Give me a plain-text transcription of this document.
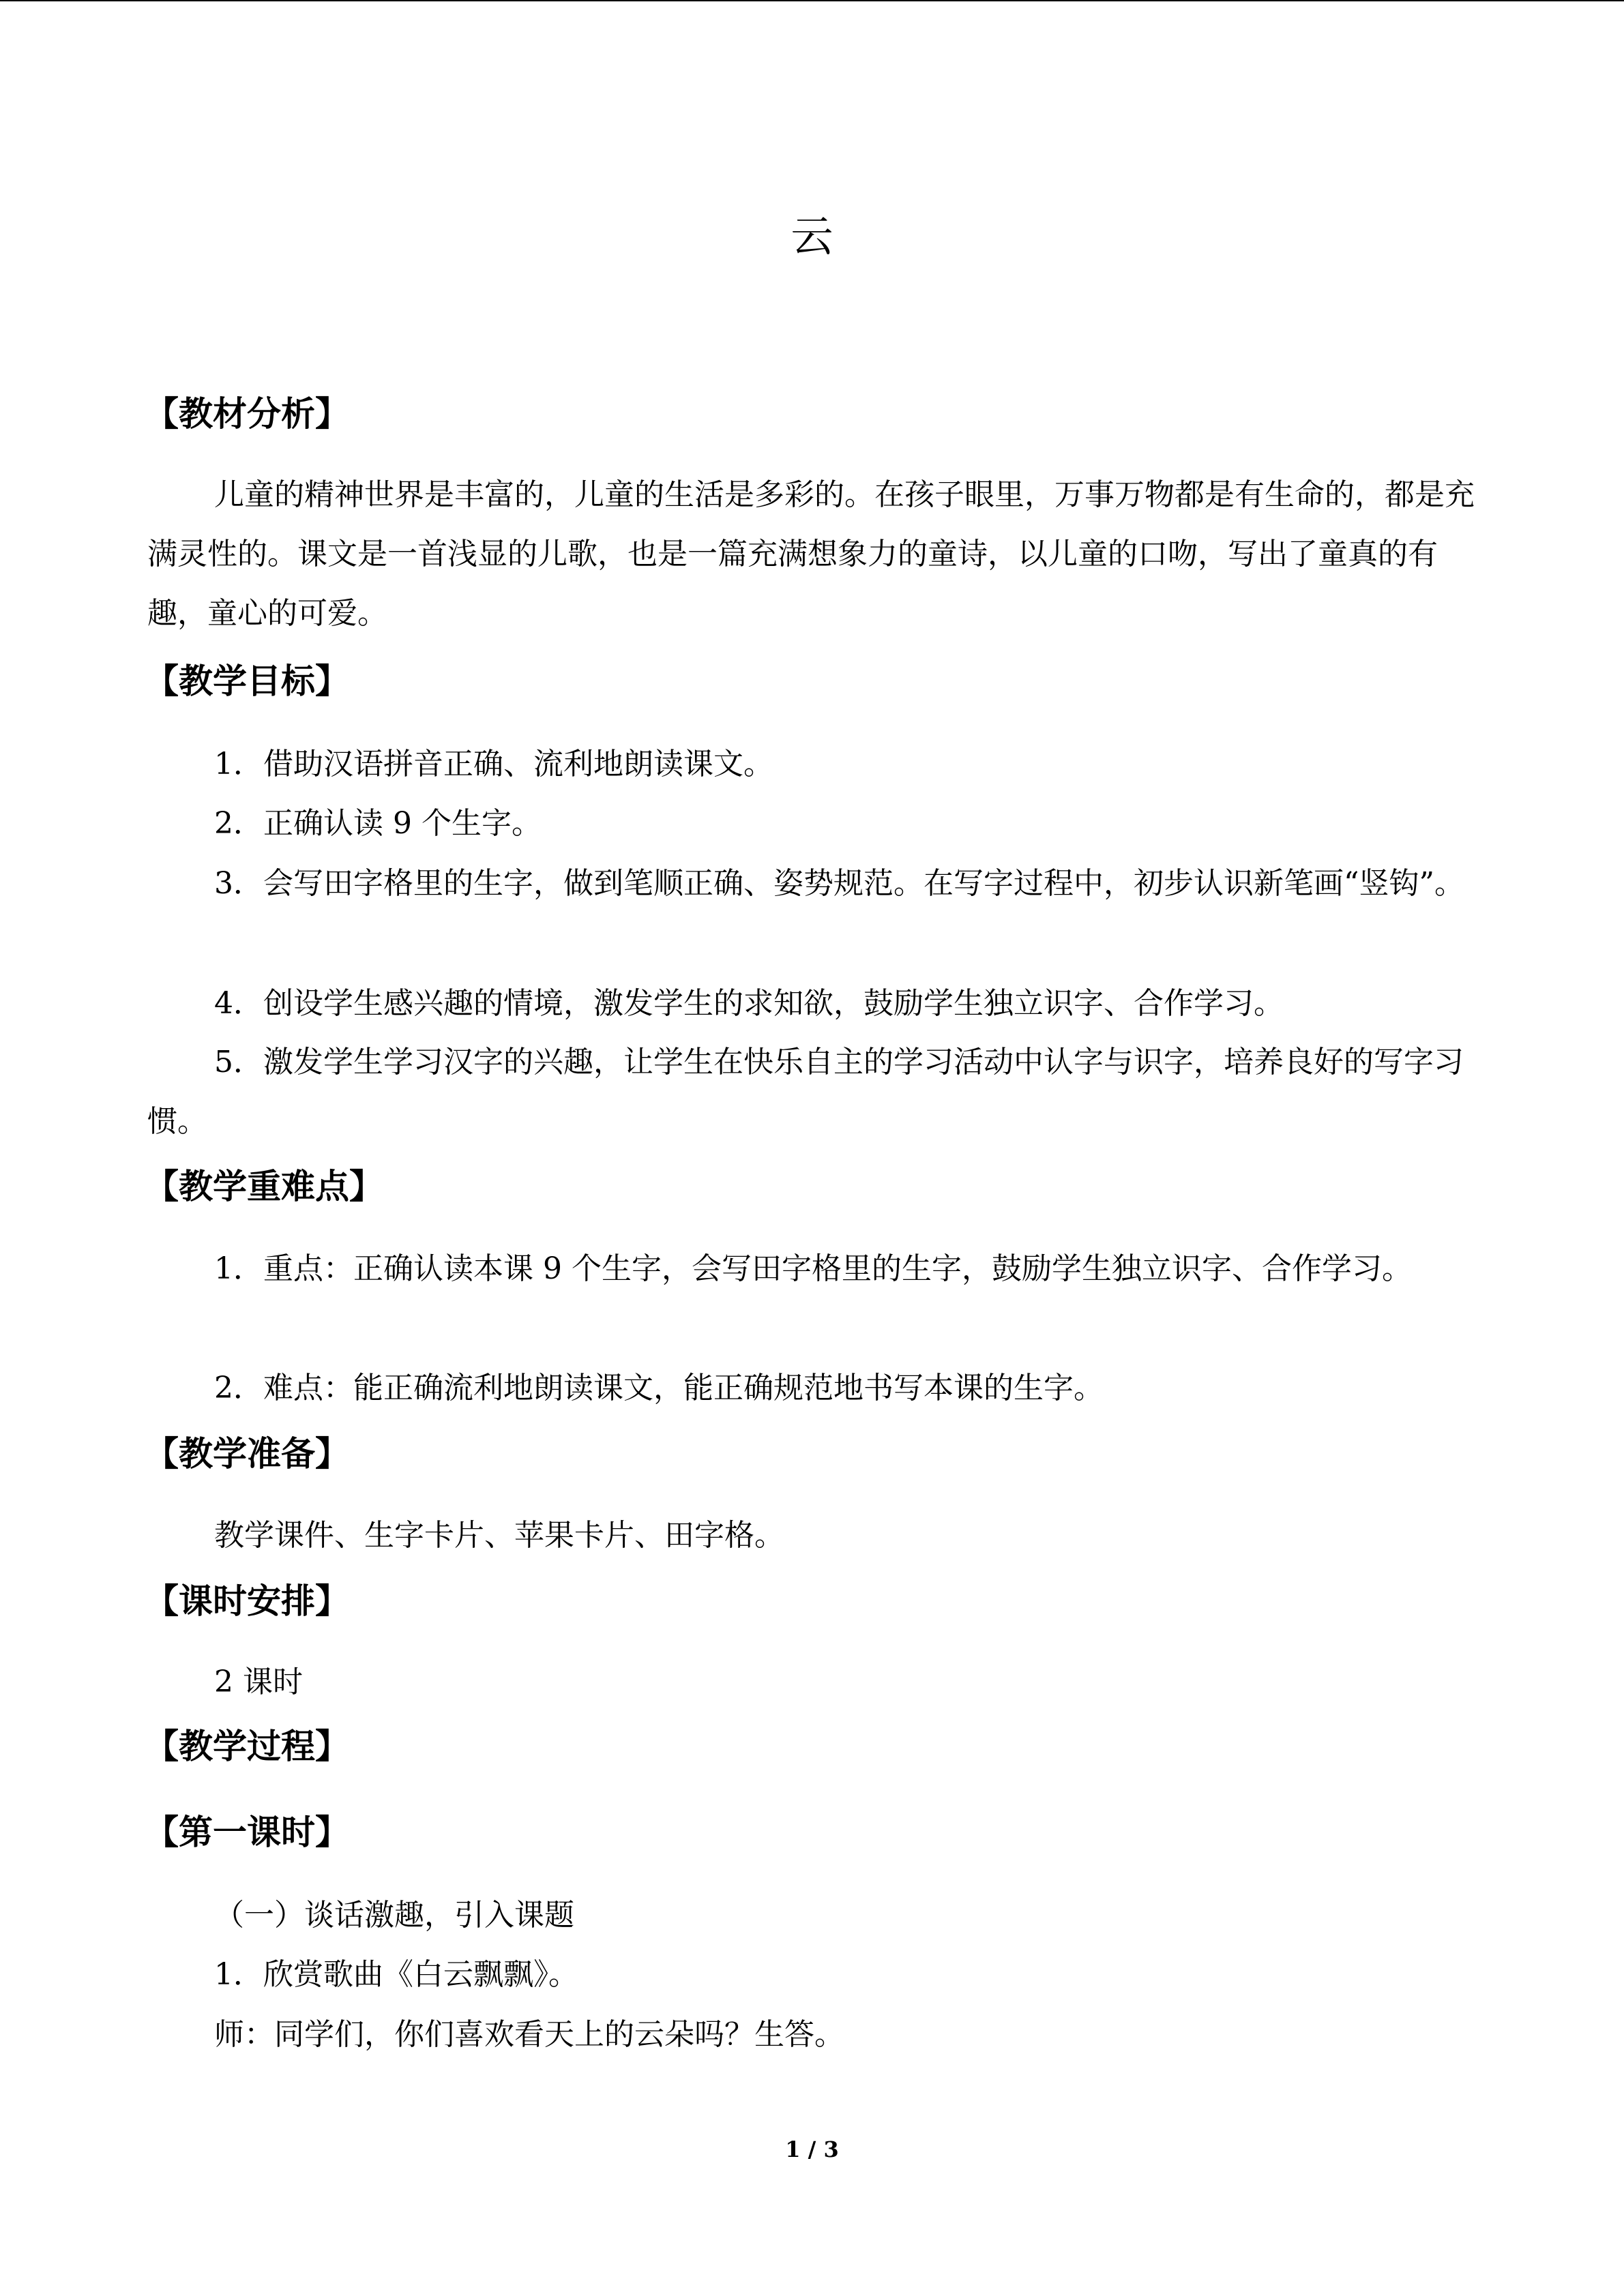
云
【教材分析】

儿童的精神世界是丰富的，儿童的生活是多彩的。在孩子眼里，万事万物都是有生命的，都是充满灵性的。课文是一首浅显的儿歌，也是一篇充满想象力的童诗，以儿童的口吻，写出了童真的有趣，童心的可爱。

【教学目标】

1．借助汉语拼音正确、流利地朗读课文。

2．正确认读 9 个生字。

3．会写田字格里的生字，做到笔顺正确、姿势规范。在写字过程中，初步认识新笔画“竖钩”。

4．创设学生感兴趣的情境，激发学生的求知欲，鼓励学生独立识字、合作学习。

5．激发学生学习汉字的兴趣，让学生在快乐自主的学习活动中认字与识字，培养良好的写字习惯。

【教学重难点】

1．重点：正确认读本课 9 个生字，会写田字格里的生字，鼓励学生独立识字、合作学习。

2．难点：能正确流利地朗读课文，能正确规范地书写本课的生字。

【教学准备】

教学课件、生字卡片、苹果卡片、田字格。

【课时安排】

2 课时

【教学过程】
【第一课时】
（一）谈话激趣，引入课题
1．欣赏歌曲《白云飘飘》。
师：同学们，你们喜欢看天上的云朵吗？生答。
1 / 3
